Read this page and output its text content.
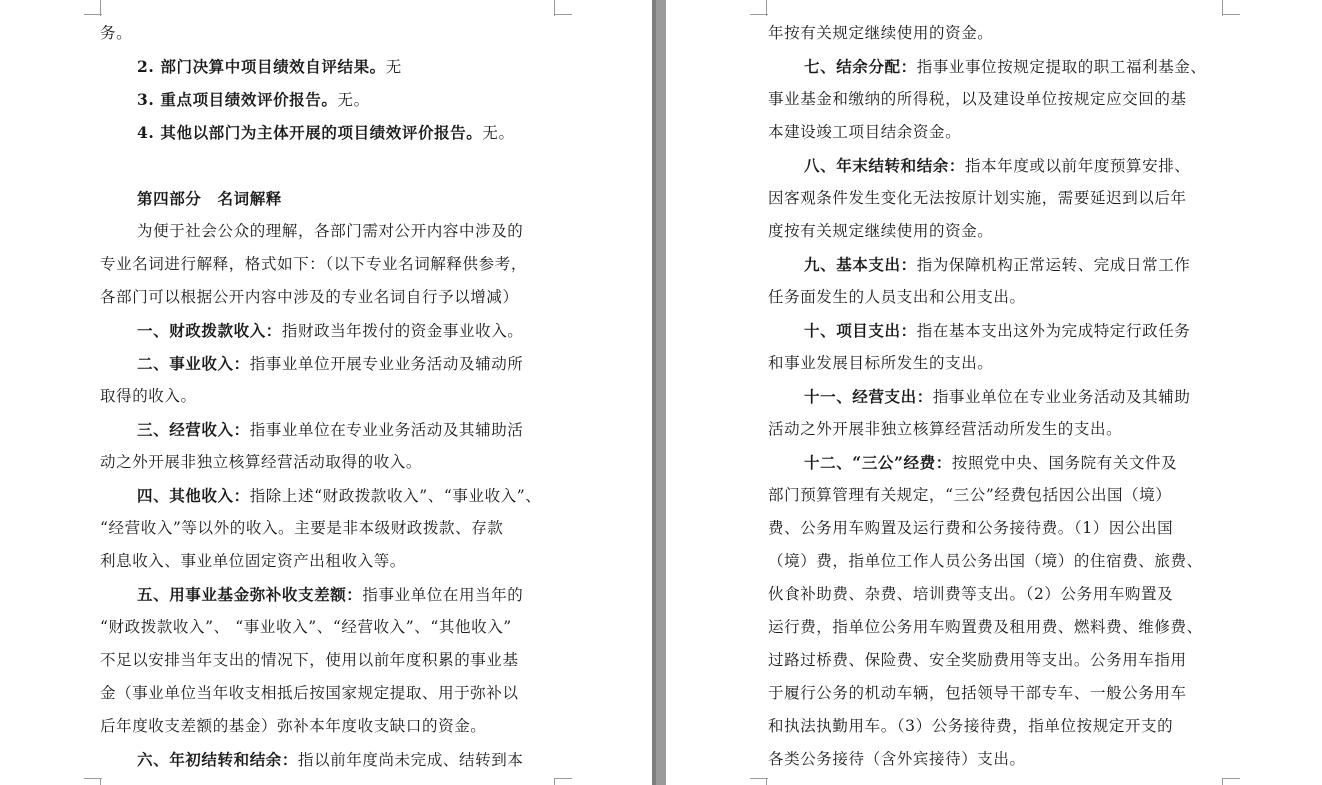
务。
2. 部门决算中项目绩效自评结果。无
3. 重点项目绩效评价报告。无。
4. 其他以部门为主体开展的项目绩效评价报告。无。
第四部分　名词解释
为便于社会公众的理解，各部门需对公开内容中涉及的
专业名词进行解释，格式如下：（以下专业名词解释供参考，
各部门可以根据公开内容中涉及的专业名词自行予以增减）
一、财政拨款收入：指财政当年拨付的资金事业收入。
二、事业收入：指事业单位开展专业业务活动及辅动所
取得的收入。
三、经营收入：指事业单位在专业业务活动及其辅助活
动之外开展非独立核算经营活动取得的收入。
四、其他收入：指除上述“财政拨款收入”、“事业收入”、
“经营收入”等以外的收入。主要是非本级财政拨款、存款
利息收入、事业单位固定资产出租收入等。
五、用事业基金弥补收支差额：指事业单位在用当年的
“财政拨款收入”、 “事业收入”、“经营收入”、“其他收入”
不足以安排当年支出的情况下，使用以前年度积累的事业基
金（事业单位当年收支相抵后按国家规定提取、用于弥补以
后年度收支差额的基金）弥补本年度收支缺口的资金。
六、年初结转和结余：指以前年度尚未完成、结转到本
年按有关规定继续使用的资金。
七、结余分配：指事业事位按规定提取的职工福利基金、
事业基金和缴纳的所得税，以及建设单位按规定应交回的基
本建设竣工项目结余资金。
八、年末结转和结余：指本年度或以前年度预算安排、
因客观条件发生变化无法按原计划实施，需要延迟到以后年
度按有关规定继续使用的资金。
九、基本支出：指为保障机构正常运转、完成日常工作
任务面发生的人员支出和公用支出。
十、项目支出：指在基本支出这外为完成特定行政任务
和事业发展目标所发生的支出。
十一、经营支出：指事业单位在专业业务活动及其辅助
活动之外开展非独立核算经营活动所发生的支出。
十二、“三公”经费：按照党中央、国务院有关文件及
部门预算管理有关规定，“三公”经费包括因公出国（境）
费、公务用车购置及运行费和公务接待费。（1）因公出国
（境）费，指单位工作人员公务出国（境）的住宿费、旅费、
伙食补助费、杂费、培训费等支出。（2）公务用车购置及
运行费，指单位公务用车购置费及租用费、燃料费、维修费、
过路过桥费、保险费、安全奖励费用等支出。公务用车指用
于履行公务的机动车辆，包括领导干部专车、一般公务用车
和执法执勤用车。（3）公务接待费，指单位按规定开支的
各类公务接待（含外宾接待）支出。
